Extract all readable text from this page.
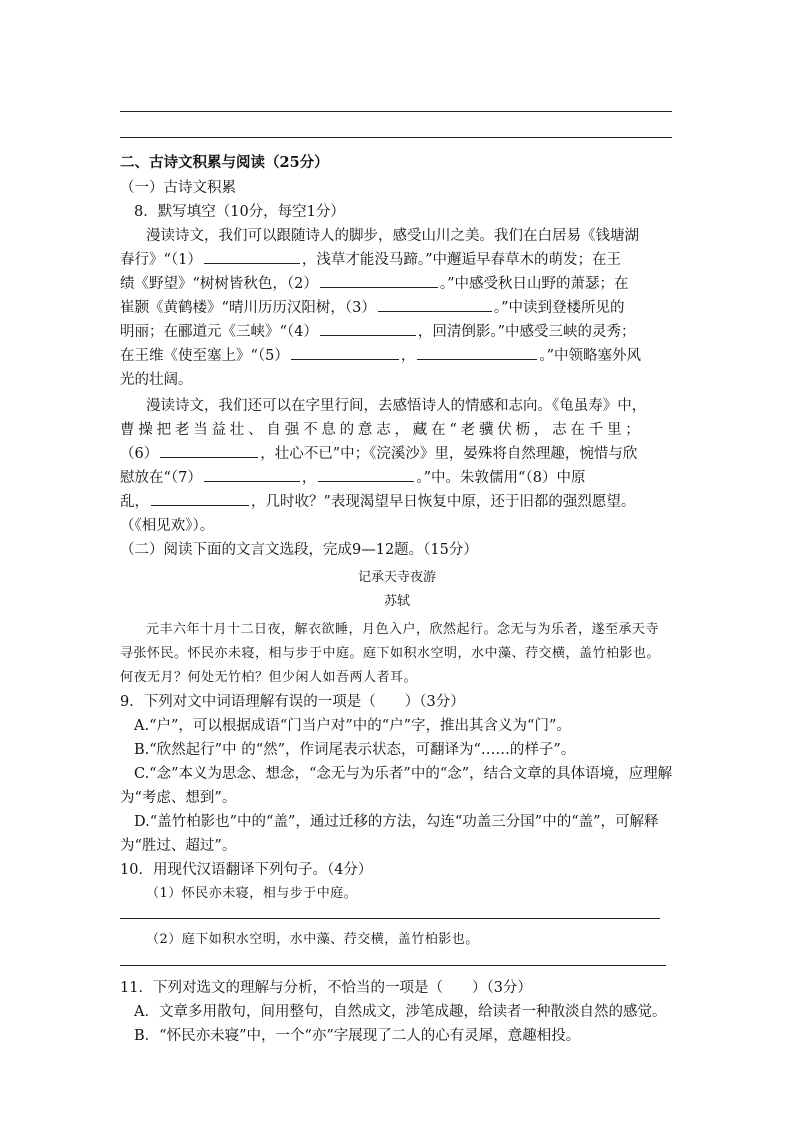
二、古诗文积累与阅读（25分）
（一）古诗文积累
8．默写填空（10分，每空1分）
漫读诗文，我们可以跟随诗人的脚步，感受山川之美。我们在白居易《钱塘湖
春行》“（1）	，浅草才能没马蹄。”中邂逅早春草木的萌发；在王
绩《野望》“树树皆秋色，（2）	。”中感受秋日山野的萧瑟；在
崔颢《黄鹤楼》“晴川历历汉阳树，（3）	。”中读到登楼所见的
明丽；在郦道元《三峡》“（4）	，回清倒影。”中感受三峡的灵秀；
在王维《使至塞上》“（5）	，	。”中领略塞外风
光的壮阔。
漫读诗文，我们还可以在字里行间，去感悟诗人的情感和志向。《龟虽寿》中，
曹操把老当益壮、自强不息的意志，藏在“老骥伏枥，志在千里；
（6）	，壮心不已”中；《浣溪沙》里，晏殊将自然理趣，惋惜与欣
慰放在“（7）	，	。”中。朱敦儒用“（8）中原
乱，	，几时收？”表现渴望早日恢复中原，还于旧都的强烈愿望。
（《相见欢》）。
（二）阅读下面的文言文选段，完成9—12题。（15分）
记承天寺夜游
苏轼
元丰六年十月十二日夜，解衣欲睡，月色入户，欣然起行。念无与为乐者，遂至承天寺
寻张怀民。怀民亦未寝，相与步于中庭。庭下如积水空明，水中藻、荇交横，盖竹柏影也。
何夜无月？何处无竹柏？但少闲人如吾两人者耳。
9．下列对文中词语理解有误的一项是（　　）（3分）
A.“户”，可以根据成语“门当户对”中的“户”字，推出其含义为“门”。
B.“欣然起行”中 的“然”，作词尾表示状态，可翻译为“……的样子”。
C.“念”本义为思念、想念，“念无与为乐者”中的“念”，结合文章的具体语境，应理解
为“考虑、想到”。
D.“盖竹柏影也”中的“盖”，通过迁移的方法，勾连“功盖三分国”中的“盖”，可解释
为“胜过、超过”。
10．用现代汉语翻译下列句子。（4分）
（1）怀民亦未寝，相与步于中庭。
（2）庭下如积水空明，水中藻、荇交横，盖竹柏影也。
11．下列对选文的理解与分析，不恰当的一项是（　　）（3分）
A．文章多用散句，间用整句，自然成文，涉笔成趣，给读者一种散淡自然的感觉。
B．“怀民亦未寝”中，一个“亦”字展现了二人的心有灵犀，意趣相投。
